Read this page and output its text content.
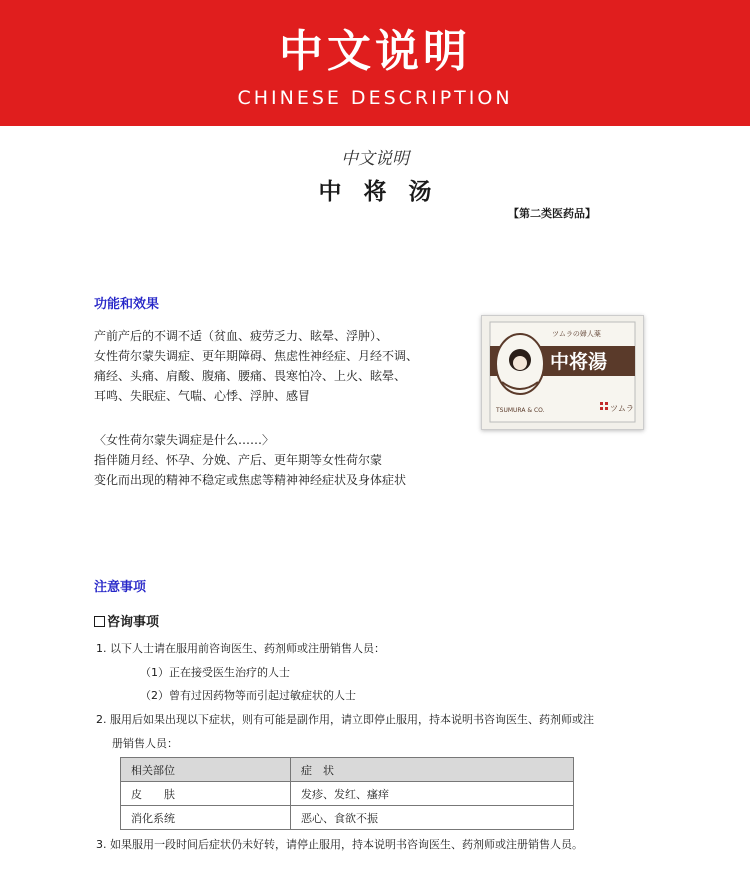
中文说明
CHINESE DESCRIPTION
中文说明
中将汤
【第二类医药品】
功能和效果
产前产后的不调不适（贫血、疲劳乏力、眩晕、浮肿）、
女性荷尔蒙失调症、更年期障碍、焦虑性神经症、月经不调、
痛经、头痛、肩酸、腹痛、腰痛、畏寒怕冷、上火、眩晕、
耳鸣、失眠症、气喘、心悸、浮肿、感冒
〈女性荷尔蒙失调症是什么……〉
指伴随月经、怀孕、分娩、产后、更年期等女性荷尔蒙
变化而出现的精神不稳定或焦虑等精神神经症状及身体症状
ツムラの婦人薬
中将湯
TSUMURA & CO.	ツムラ
注意事项
咨询事项
1. 以下人士请在服用前咨询医生、药剂师或注册销售人员：
（1）正在接受医生治疗的人士
（2）曾有过因药物等而引起过敏症状的人士
2. 服用后如果出现以下症状，则有可能是副作用，请立即停止服用，持本说明书咨询医生、药剂师或注
册销售人员：
相关部位	症　状
皮　　肤	发疹、发红、瘙痒
消化系统	恶心、食欲不振
3. 如果服用一段时间后症状仍未好转，请停止服用，持本说明书咨询医生、药剂师或注册销售人员。
